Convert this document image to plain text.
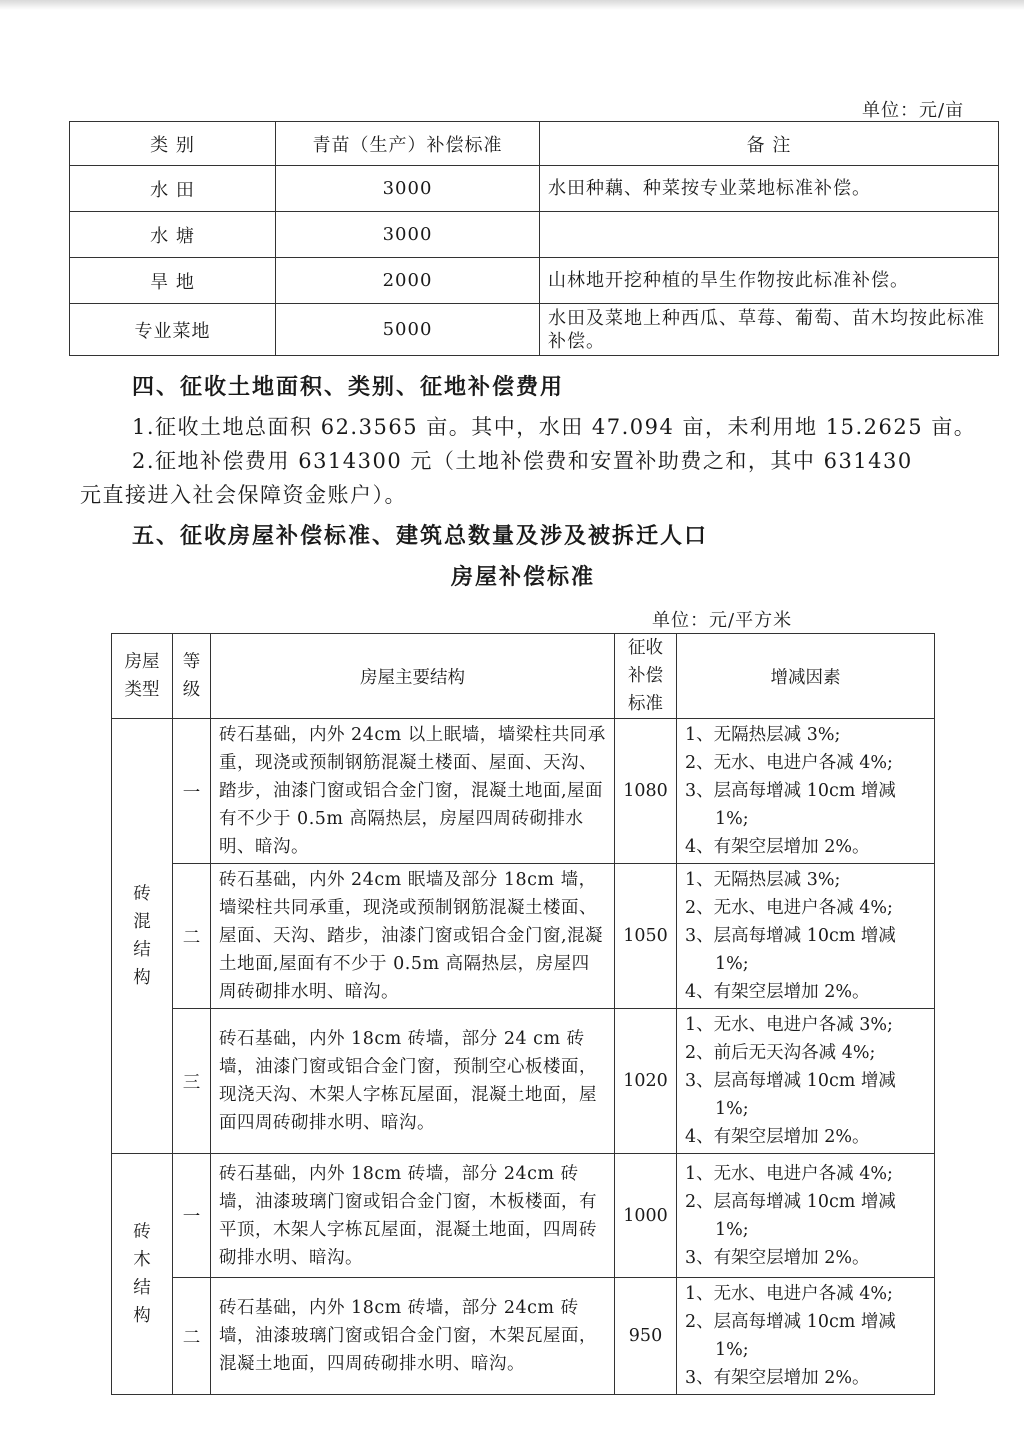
单位：元/亩
类 别	青苗（生产）补偿标准	备 注
水 田	3000	水田种藕、种菜按专业菜地标准补偿。
水 塘	3000	
旱 地	2000	山林地开挖种植的旱生作物按此标准补偿。
专业菜地	5000	水田及菜地上种西瓜、草莓、葡萄、苗木均按此标准补偿。
四、征收土地面积、类别、征地补偿费用
1.征收土地总面积 62.3565 亩。其中，水田 47.094 亩，未利用地 15.2625 亩。
2.征地补偿费用 6314300 元（土地补偿费和安置补助费之和，其中 631430
元直接进入社会保障资金账户）。
五、征收房屋补偿标准、建筑总数量及涉及被拆迁人口
房屋补偿标准
单位：元/平方米
房屋类型	等级	房屋主要结构	征收补偿标准	增减因素
砖混结构	一	砖石基础，内外 24cm 以上眠墙，墙梁柱共同承重，现浇或预制钢筋混凝土楼面、屋面、天沟、踏步，油漆门窗或铝合金门窗，混凝土地面,屋面有不少于 0.5m 高隔热层，房屋四周砖砌排水明、暗沟。	1080	1、无隔热层减 3%;
2、无水、电进户各减 4%;
3、层高每增减 10cm 增减
1%;
4、有架空层增加 2%。

	二	砖石基础，内外 24cm 眠墙及部分 18cm 墙，墙梁柱共同承重，现浇或预制钢筋混凝土楼面、屋面、天沟、踏步，油漆门窗或铝合金门窗,混凝土地面,屋面有不少于 0.5m 高隔热层，房屋四周砖砌排水明、暗沟。	1050	1、无隔热层减 3%;
2、无水、电进户各减 4%;
3、层高每增减 10cm 增减
1%;
4、有架空层增加 2%。

	三	砖石基础，内外 18cm 砖墙，部分 24 cm 砖墙，油漆门窗或铝合金门窗，预制空心板楼面，现浇天沟、木架人字栋瓦屋面，混凝土地面，屋面四周砖砌排水明、暗沟。	1020	1、无水、电进户各减 3%;
2、前后无天沟各减 4%;
3、层高每增减 10cm 增减
1%;
4、有架空层增加 2%。

砖木结构	一	砖石基础，内外 18cm 砖墙，部分 24cm 砖墙，油漆玻璃门窗或铝合金门窗，木板楼面，有平顶，木架人字栋瓦屋面，混凝土地面，四周砖砌排水明、暗沟。	1000	1、无水、电进户各减 4%;
2、层高每增减 10cm 增减
1%;
3、有架空层增加 2%。

	二	砖石基础，内外 18cm 砖墙，部分 24cm 砖墙，油漆玻璃门窗或铝合金门窗，木架瓦屋面，混凝土地面，四周砖砌排水明、暗沟。	950	1、无水、电进户各减 4%;
2、层高每增减 10cm 增减
1%;
3、有架空层增加 2%。
